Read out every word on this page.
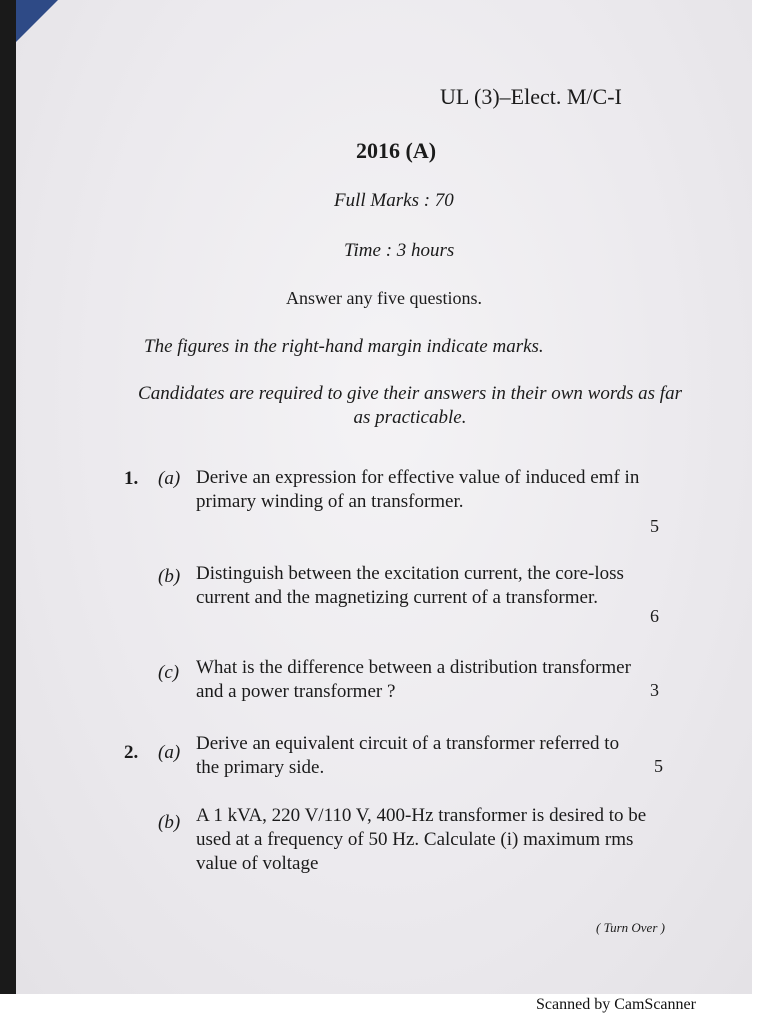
UL (3)–Elect. M/C-I
2016 (A)
Full Marks : 70
Time : 3 hours
Answer any five questions.
The figures in the right-hand margin indicate marks.
Candidates are required to give their answers in their own words as far as practicable.
1. (a) Derive an expression for effective value of induced emf in primary winding of an transformer.
5
(b) Distinguish between the excitation current, the core-loss current and the magnetizing current of a transformer.
6
(c) What is the difference between a distribution transformer and a power transformer ?	3
2. (a) Derive an equivalent circuit of a transformer referred to the primary side.	5
(b) A 1 kVA, 220 V/110 V, 400-Hz transformer is desired to be used at a frequency of 50 Hz. Calculate (i) maximum rms value of voltage
( Turn Over )
Scanned by CamScanner
